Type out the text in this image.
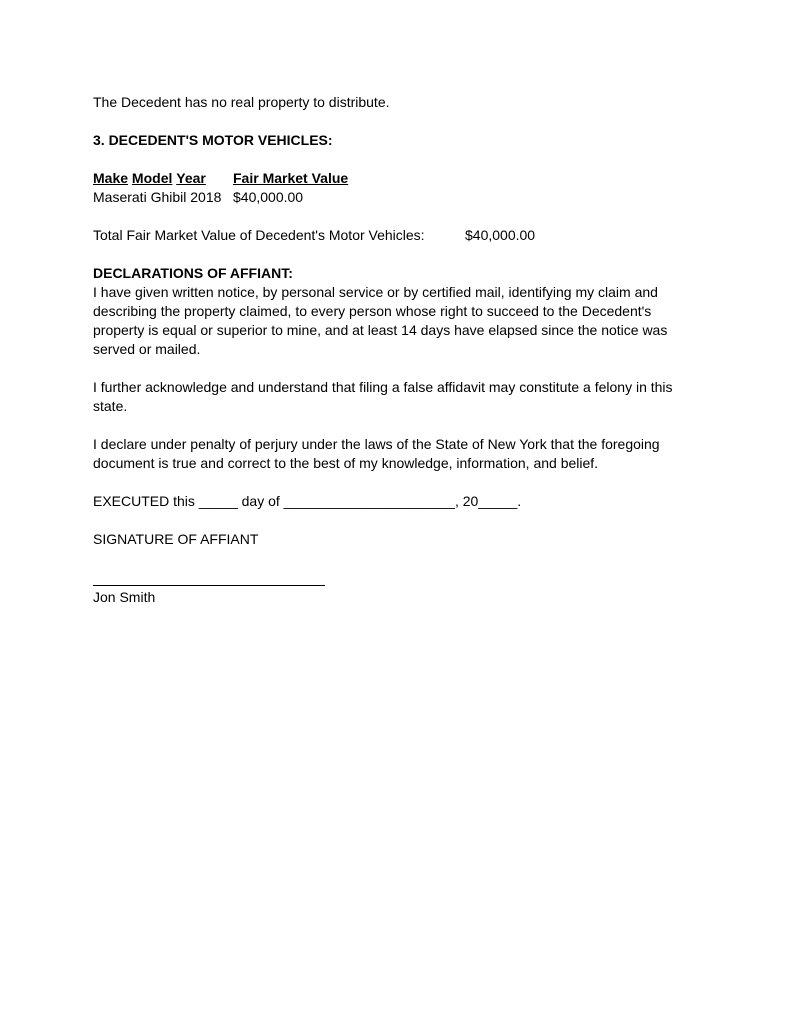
The Decedent has no real property to distribute.
3. DECEDENT'S MOTOR VEHICLES:
Make Model Year Fair Market Value
Maserati Ghibil 2018 $40,000.00
Total Fair Market Value of Decedent's Motor Vehicles:	$40,000.00
DECLARATIONS OF AFFIANT:
I have given written notice, by personal service or by certified mail, identifying my claim and describing the property claimed, to every person whose right to succeed to the Decedent's property is equal or superior to mine, and at least 14 days have elapsed since the notice was served or mailed.
I further acknowledge and understand that filing a false affidavit may constitute a felony in this state.
I declare under penalty of perjury under the laws of the State of New York that the foregoing document is true and correct to the best of my knowledge, information, and belief.
EXECUTED this _____ day of ______________________, 20_____.
SIGNATURE OF AFFIANT
Jon Smith
